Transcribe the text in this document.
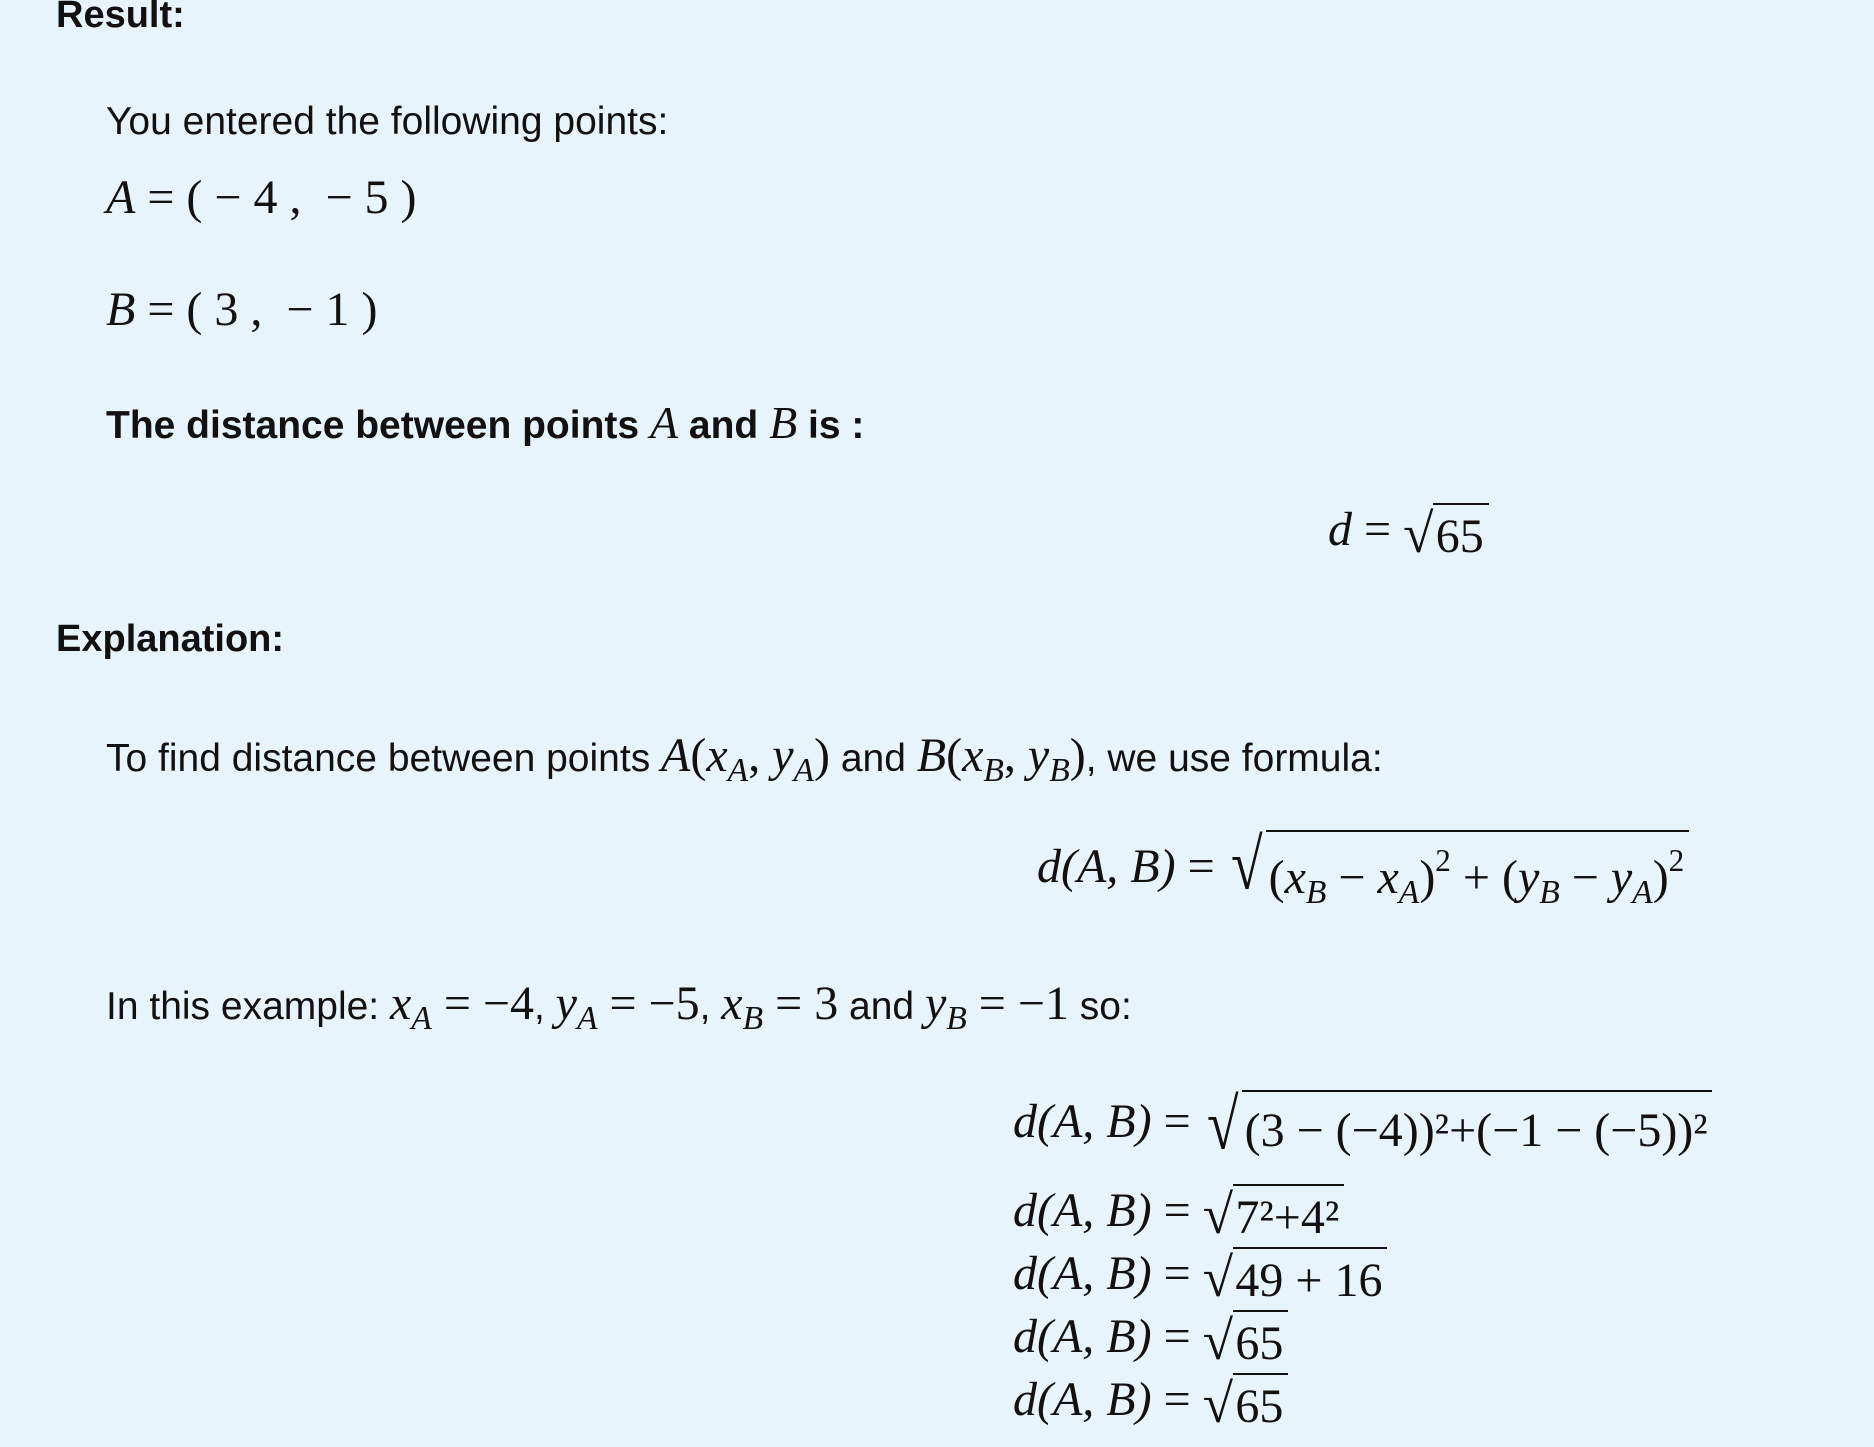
Result:
You entered the following points:
A = ( − 4 ,  − 5 )
B = ( 3 ,  − 1 )
The distance between points A and B is :
d = √ 65
Explanation:
To find distance between points $A(x_A$, $y_A$) and $B(x_B$, $y_B$), we use formula:
d(A, B) = √ $(x_B - x_A)^2 + (y_B - y_A)^2$
In this example: $x_A = -4$, $y_A = -5$, $x_B = 3$ and $y_B = -1$ so:
d(A, B) = √ (3 − (−4))²+(−1 − (−5))²
d(A, B) = √ 7²+4²
d(A, B) = √ 49 + 16
d(A, B) = √ 65
d(A, B) = √ 65
